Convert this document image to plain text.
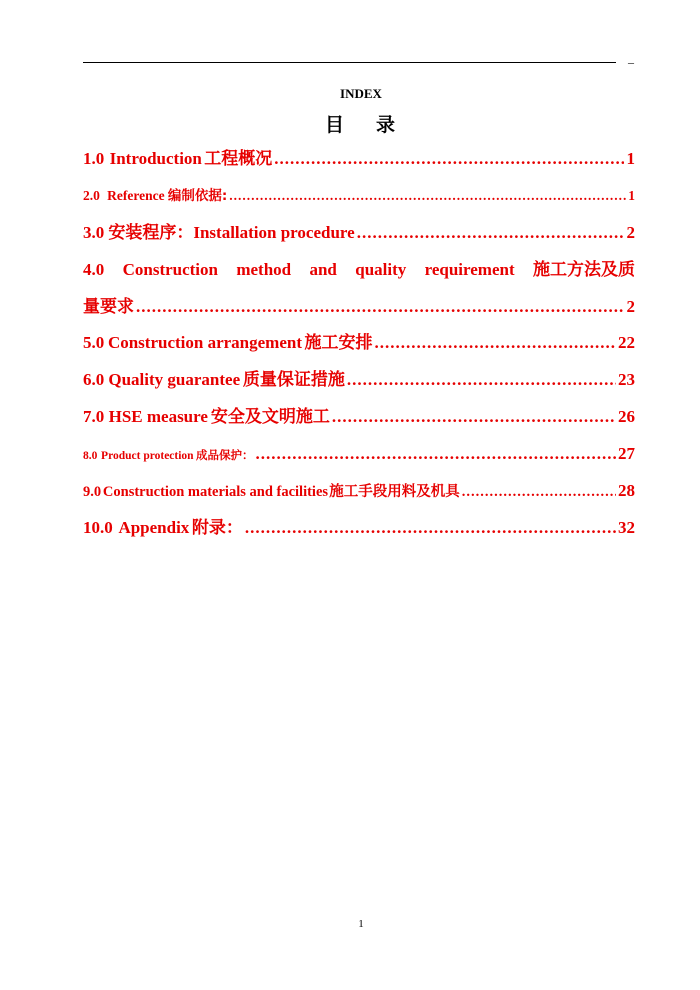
–
INDEX
目 录
1.0 Introduction 工程概况 .....	1
2.0 Reference 编制依据: .....	1
3.0 安装程序： Installation procedure .....	2
4.0 Construction method and quality requirement 施工方法及质
量要求 .....	2
5.0 Construction arrangement 施工安排 .....	22
6.0 Quality guarantee 质量保证措施 .....	23
7.0 HSE measure 安全及文明施工 .....	26
8.0 Product protection 成品保护： .....	27
9.0 Construction materials and facilities 施工手段用料及机具 .....	28
10.0 Appendix 附录： .....	32
1
